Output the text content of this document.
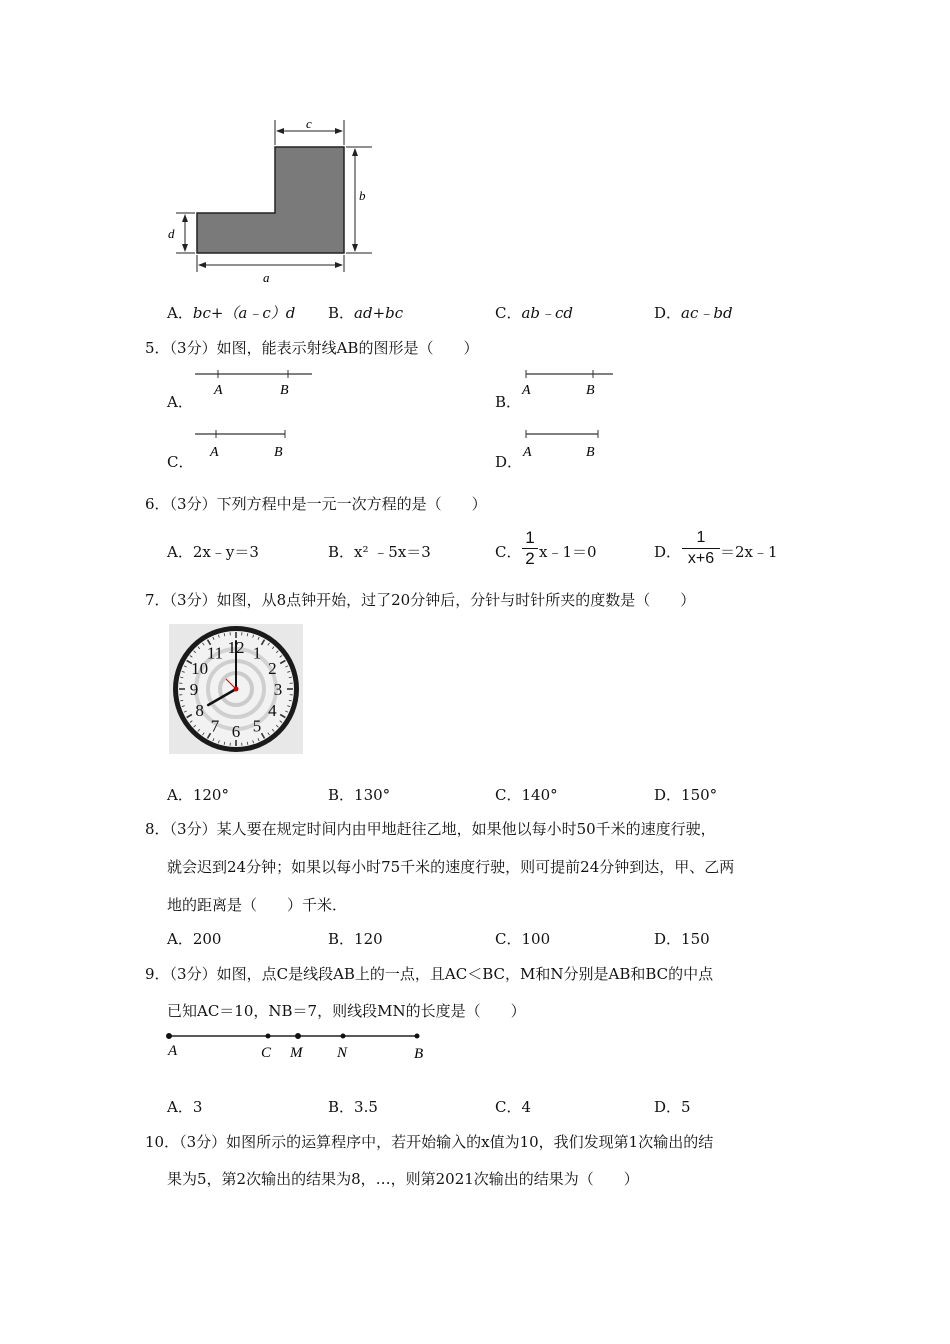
c
b
d
a
A．bc+（a﹣c）d B．ad+bc	C．ab﹣cd	D．ac﹣bd
5．（3分）如图，能表示射线AB的图形是（　　）
A．
A	B
B．
A	B
C．
A	B
D．
A	B
6．（3分）下列方程中是一元一次方程的是（　　）
A．2x﹣y＝3	B．x² ﹣5x＝3	C．
1
2 x﹣1＝0	D．
1
x+6 ＝2x﹣1
7．（3分）如图，从8点钟开始，过了20分钟后，分针与时针所夹的度数是（　　）
12 1
2
3
4
5
6
7
8
9
10
11
A．120°	B．130°	C．140°	D．150°
8．（3分）某人要在规定时间内由甲地赶往乙地，如果他以每小时50千米的速度行驶，
就会迟到24分钟；如果以每小时75千米的速度行驶，则可提前24分钟到达，甲、乙两
地的距离是（　　）千米．
A．200	B．120	C．100	D．150
9．（3分）如图，点C是线段AB上的一点，且AC＜BC，M和N分别是AB和BC的中点
已知AC＝10，NB＝7，则线段MN的长度是（　　）
A	C M N	B
A．3	B．3.5	C．4	D．5
10．（3分）如图所示的运算程序中，若开始输入的x值为10，我们发现第1次输出的结
果为5，第2次输出的结果为8，…，则第2021次输出的结果为（　　）
